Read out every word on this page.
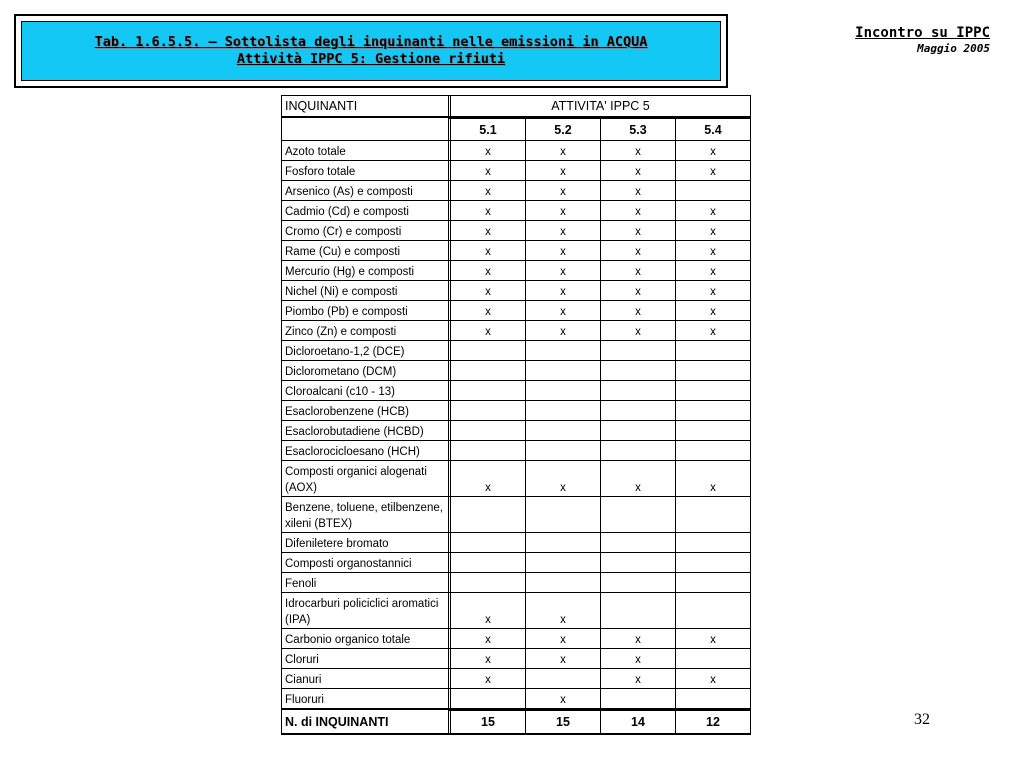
Tab. 1.6.5.5. – Sottolista degli inquinanti nelle emissioni in ACQUA
Attività IPPC 5: Gestione rifiuti
Incontro su IPPC
Maggio 2005
INQUINANTI		ATTIVITA' IPPC 5			
		5.1	5.2	5.3	5.4
Azoto totale		x	x	x	x
Fosforo totale		x	x	x	x
Arsenico (As) e composti		x	x	x	
Cadmio (Cd) e composti		x	x	x	x
Cromo (Cr) e composti		x	x	x	x
Rame (Cu) e composti		x	x	x	x
Mercurio (Hg) e composti		x	x	x	x
Nichel (Ni) e composti		x	x	x	x
Piombo (Pb) e composti		x	x	x	x
Zinco (Zn) e composti		x	x	x	x
Dicloroetano-1,2 (DCE)					
Diclorometano (DCM)					
Cloroalcani (c10 - 13)					
Esaclorobenzene (HCB)					
Esaclorobutadiene (HCBD)					
Esaclorocicloesano (HCH)					
Composti organici alogenati (AOX)		x	x	x	x
Benzene, toluene, etilbenzene, xileni (BTEX)					
Difeniletere bromato					
Composti organostannici					
Fenoli					
Idrocarburi policiclici aromatici (IPA)		x	x		
Carbonio organico totale		x	x	x	x
Cloruri		x	x	x	
Cianuri		x		x	x
Fluoruri			x		
N. di INQUINANTI		15	15	14	12	32
